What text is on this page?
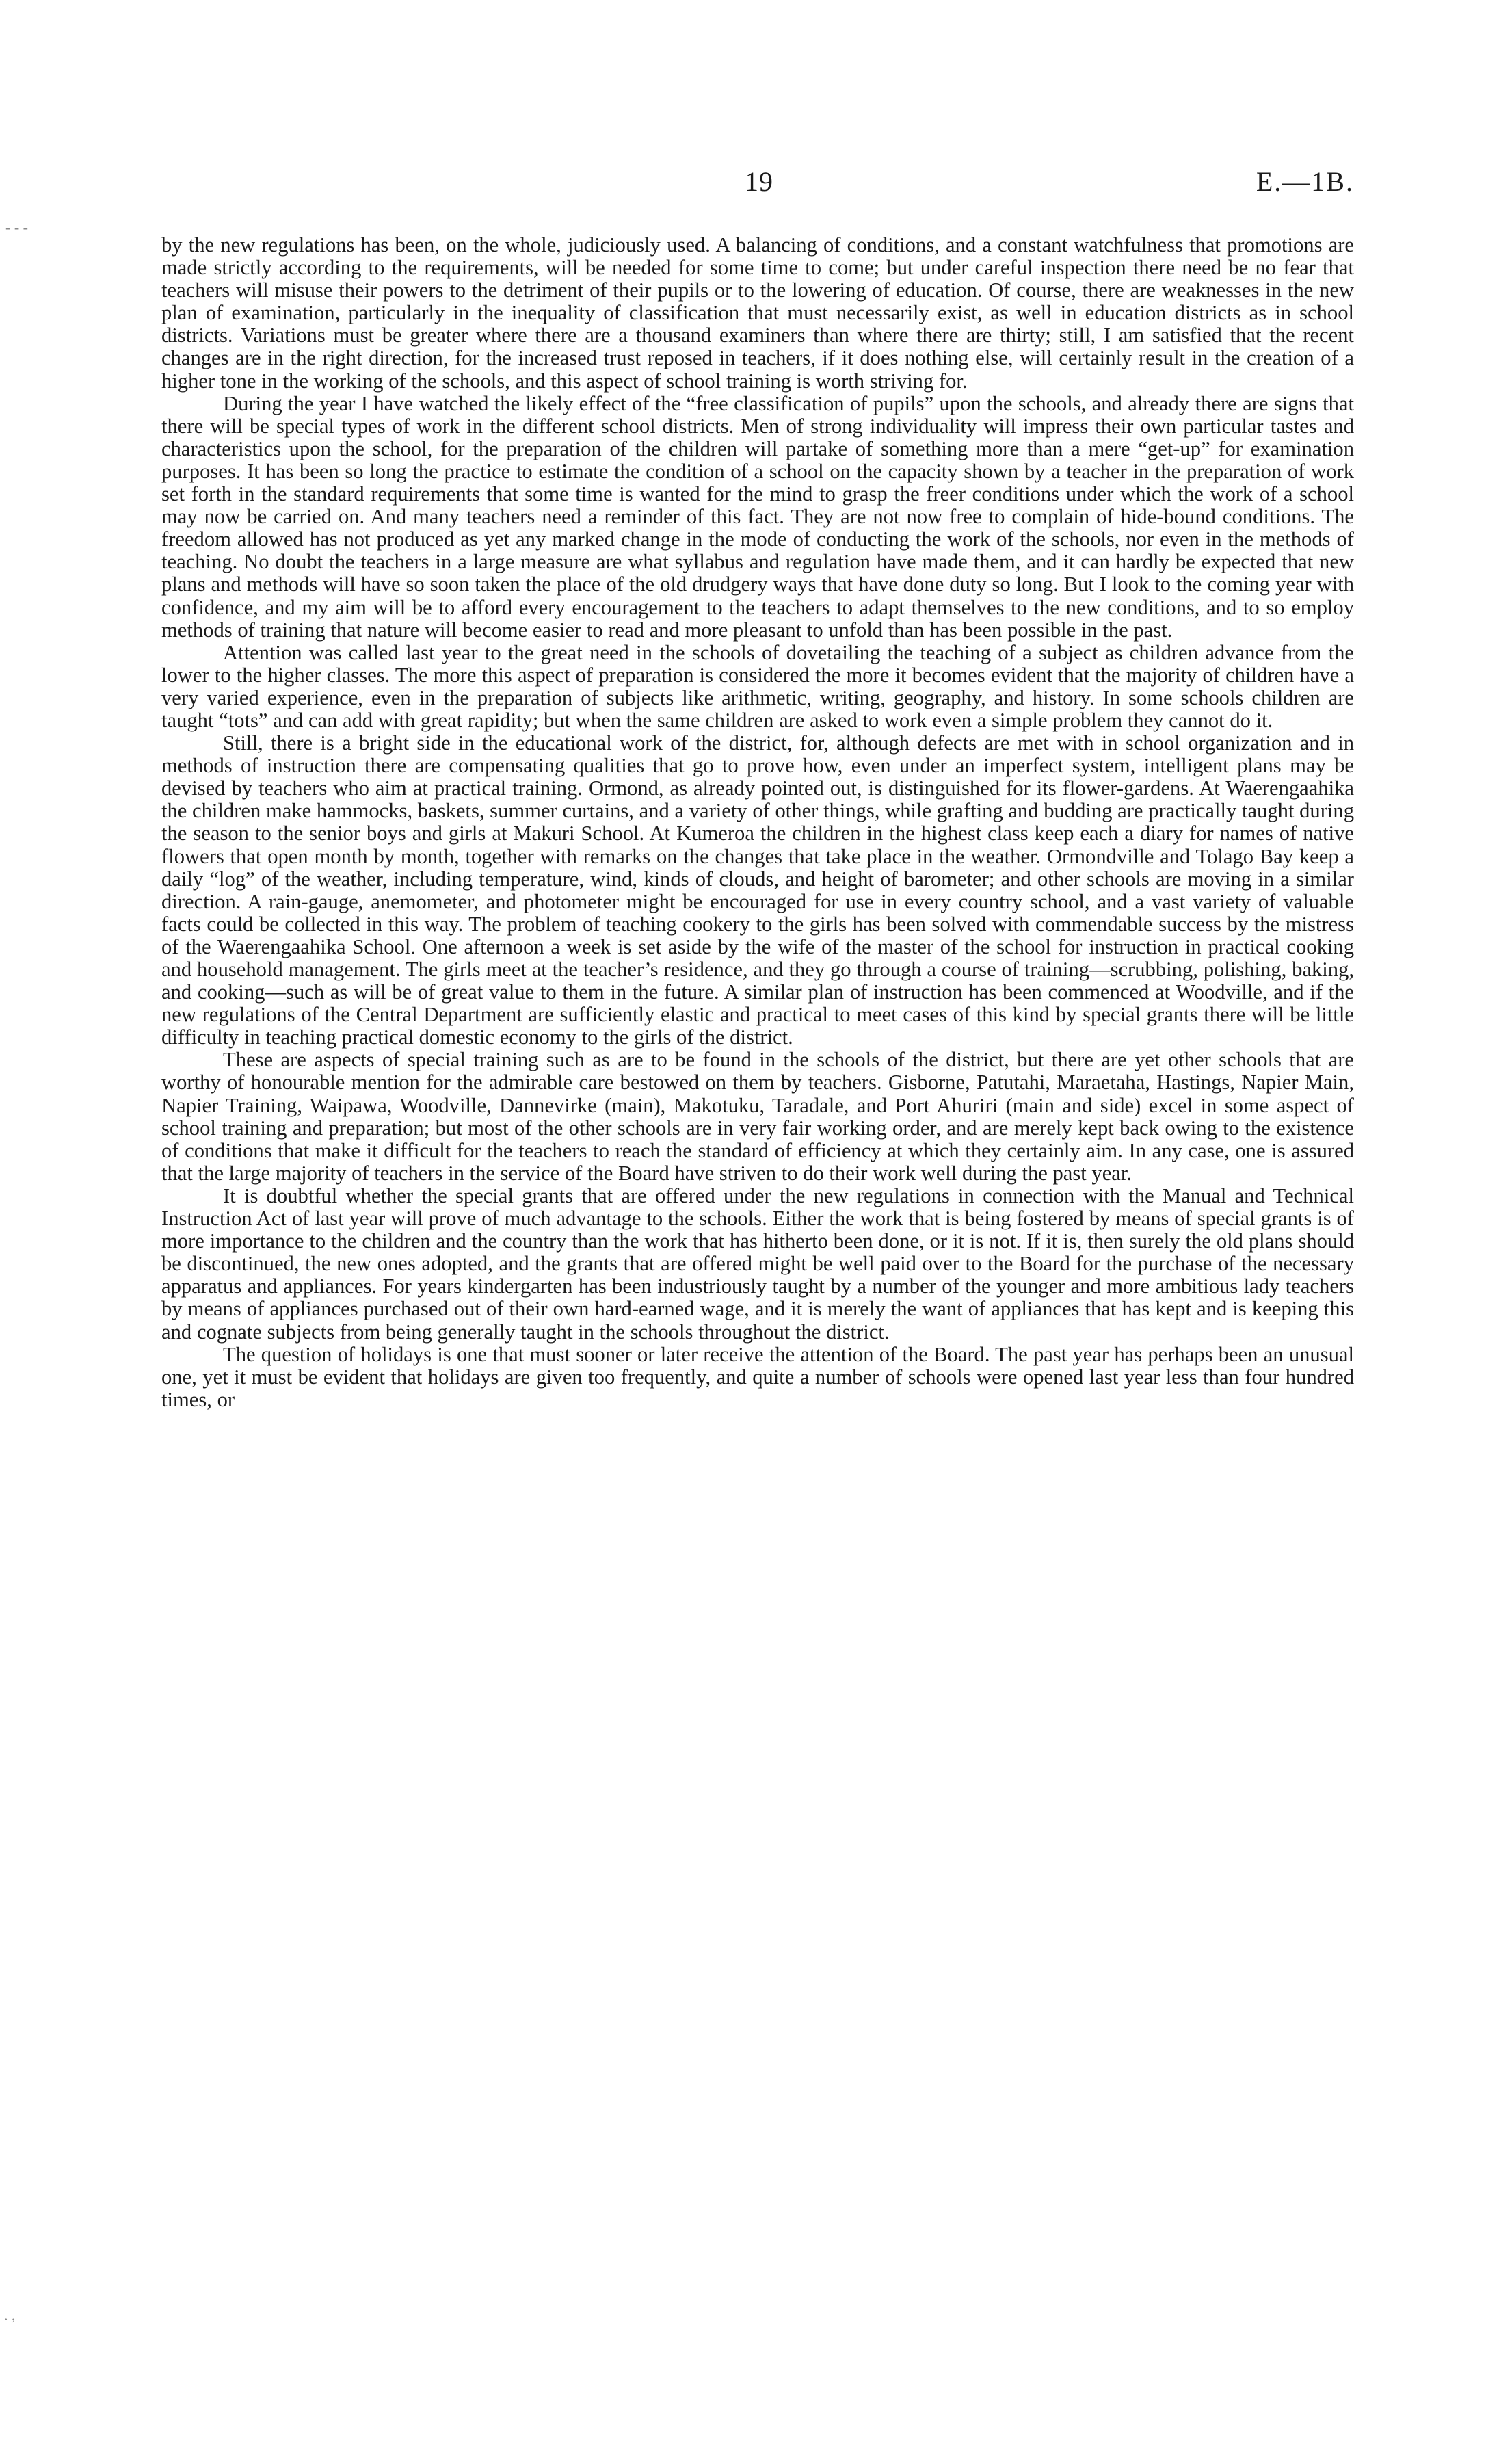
19	E.—1B.
- - -
. ,

by the new regulations has been, on the whole, judiciously used. A balancing of conditions, and a constant watchfulness that promotions are made strictly according to the requirements, will be needed for some time to come; but under careful inspection there need be no fear that teachers will misuse their powers to the detriment of their pupils or to the lowering of education. Of course, there are weaknesses in the new plan of examination, particularly in the inequality of classification that must necessarily exist, as well in education districts as in school districts. Variations must be greater where there are a thousand examiners than where there are thirty; still, I am satisfied that the recent changes are in the right direction, for the increased trust reposed in teachers, if it does nothing else, will certainly result in the creation of a higher tone in the working of the schools, and this aspect of school training is worth striving for.

During the year I have watched the likely effect of the “free classification of pupils” upon the schools, and already there are signs that there will be special types of work in the different school districts. Men of strong individuality will impress their own particular tastes and characteristics upon the school, for the preparation of the children will partake of something more than a mere “get-up” for examination purposes. It has been so long the practice to estimate the condition of a school on the capacity shown by a teacher in the preparation of work set forth in the standard requirements that some time is wanted for the mind to grasp the freer conditions under which the work of a school may now be carried on. And many teachers need a reminder of this fact. They are not now free to complain of hide-bound conditions. The freedom allowed has not produced as yet any marked change in the mode of conducting the work of the schools, nor even in the methods of teaching. No doubt the teachers in a large measure are what syllabus and regulation have made them, and it can hardly be expected that new plans and methods will have so soon taken the place of the old drudgery ways that have done duty so long. But I look to the coming year with confidence, and my aim will be to afford every encouragement to the teachers to adapt themselves to the new conditions, and to so employ methods of training that nature will become easier to read and more pleasant to unfold than has been possible in the past.

Attention was called last year to the great need in the schools of dovetailing the teaching of a subject as children advance from the lower to the higher classes. The more this aspect of preparation is considered the more it becomes evident that the majority of children have a very varied experience, even in the preparation of subjects like arithmetic, writing, geography, and history. In some schools children are taught “tots” and can add with great rapidity; but when the same children are asked to work even a simple problem they cannot do it.

Still, there is a bright side in the educational work of the district, for, although defects are met with in school organization and in methods of instruction there are compensating qualities that go to prove how, even under an imperfect system, intelligent plans may be devised by teachers who aim at practical training. Ormond, as already pointed out, is distinguished for its flower-gardens. At Waerengaahika the children make hammocks, baskets, summer curtains, and a variety of other things, while grafting and budding are practically taught during the season to the senior boys and girls at Makuri School. At Kumeroa the children in the highest class keep each a diary for names of native flowers that open month by month, together with remarks on the changes that take place in the weather. Ormondville and Tolago Bay keep a daily “log” of the weather, including temperature, wind, kinds of clouds, and height of barometer; and other schools are moving in a similar direction. A rain-gauge, anemometer, and photometer might be encouraged for use in every country school, and a vast variety of valuable facts could be collected in this way. The problem of teaching cookery to the girls has been solved with commendable success by the mistress of the Waerengaahika School. One afternoon a week is set aside by the wife of the master of the school for instruction in practical cooking and household management. The girls meet at the teacher’s residence, and they go through a course of training—scrubbing, polishing, baking, and cooking—such as will be of great value to them in the future. A similar plan of instruction has been commenced at Woodville, and if the new regulations of the Central Department are sufficiently elastic and practical to meet cases of this kind by special grants there will be little difficulty in teaching practical domestic economy to the girls of the district.

These are aspects of special training such as are to be found in the schools of the district, but there are yet other schools that are worthy of honourable mention for the admirable care bestowed on them by teachers. Gisborne, Patutahi, Maraetaha, Hastings, Napier Main, Napier Training, Waipawa, Woodville, Dannevirke (main), Makotuku, Taradale, and Port Ahuriri (main and side) excel in some aspect of school training and preparation; but most of the other schools are in very fair working order, and are merely kept back owing to the existence of conditions that make it difficult for the teachers to reach the standard of efficiency at which they certainly aim. In any case, one is assured that the large majority of teachers in the service of the Board have striven to do their work well during the past year.

It is doubtful whether the special grants that are offered under the new regulations in connection with the Manual and Technical Instruction Act of last year will prove of much advantage to the schools. Either the work that is being fostered by means of special grants is of more importance to the children and the country than the work that has hitherto been done, or it is not. If it is, then surely the old plans should be discontinued, the new ones adopted, and the grants that are offered might be well paid over to the Board for the purchase of the necessary apparatus and appliances. For years kindergarten has been industriously taught by a number of the younger and more ambitious lady teachers by means of appliances purchased out of their own hard-earned wage, and it is merely the want of appliances that has kept and is keeping this and cognate subjects from being generally taught in the schools throughout the district.

The question of holidays is one that must sooner or later receive the attention of the Board. The past year has perhaps been an unusual one, yet it must be evident that holidays are given too frequently, and quite a number of schools were opened last year less than four hundred times, or
